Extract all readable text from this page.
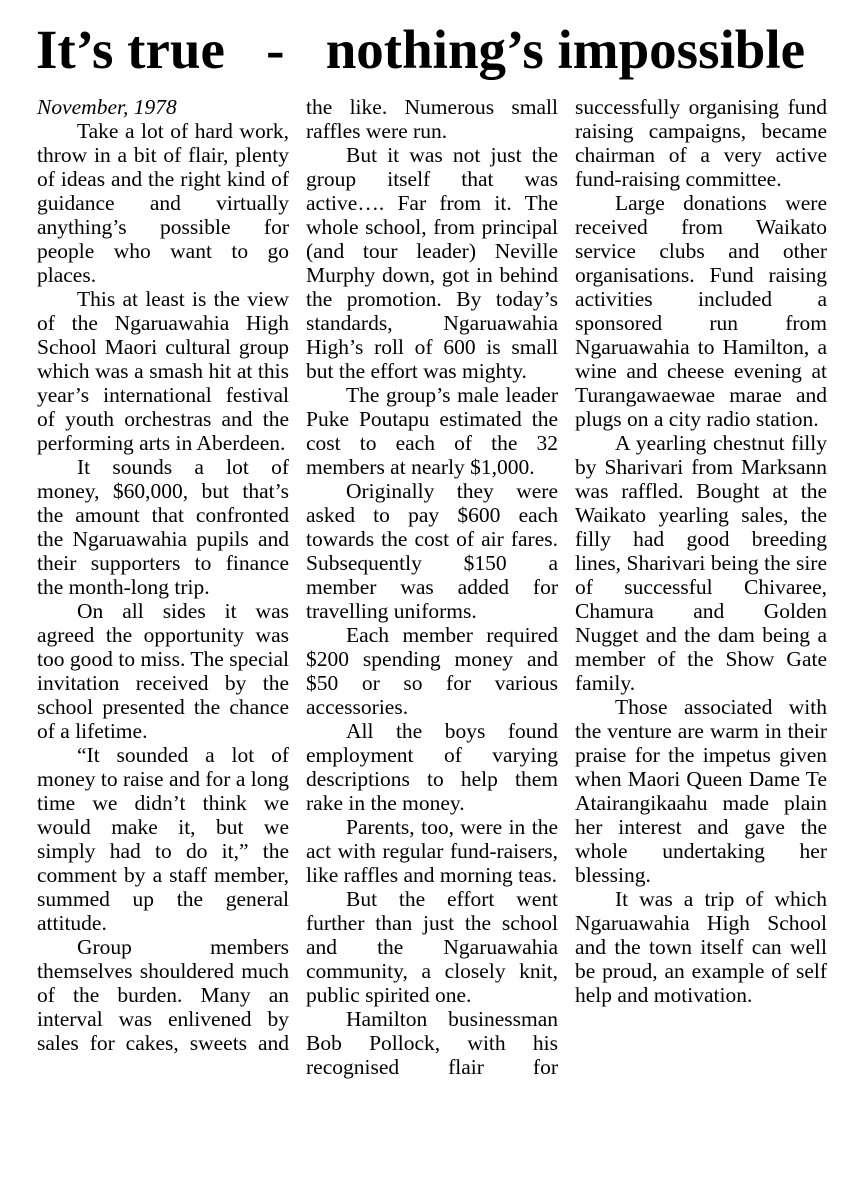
It’s true   -   nothing’s impossible

November, 1978

Take a lot of hard work, throw in a bit of flair, plenty of ideas and the right kind of guidance and virtually anything’s possible for people who want to go places.

This at least is the view of the Ngaruawahia High School Maori cultural group which was a smash hit at this year’s international festival of youth orchestras and the performing arts in Aberdeen.

It sounds a lot of money, $60,000, but that’s the amount that confronted the Ngaruawahia pupils and their supporters to finance the month-long trip.

On all sides it was agreed the opportunity was too good to miss. The special invitation received by the school presented the chance of a lifetime.

“It sounded a lot of money to raise and for a long time we didn’t think we would make it, but we simply had to do it,” the comment by a staff member, summed up the general attitude.

Group members themselves shouldered much of the burden. Many an interval was enlivened by sales for cakes, sweets and

the like. Numerous small raffles were run.

But it was not just the group itself that was active…. Far from it. The whole school, from principal (and tour leader) Neville Murphy down, got in behind the promotion. By today’s standards, Ngaruawahia High’s roll of 600 is small but the effort was mighty.

The group’s male leader Puke Poutapu estimated the cost to each of the 32 members at nearly $1,000.

Originally they were asked to pay $600 each towards the cost of air fares. Subsequently $150 a member was added for travelling uniforms.

Each member required $200 spending money and $50 or so for various accessories.

All the boys found employment of varying descriptions to help them rake in the money.

Parents, too, were in the act with regular fund-raisers, like raffles and morning teas.

But the effort went further than just the school and the Ngaruawahia community, a closely knit, public spirited one.

Hamilton businessman Bob Pollock, with his recognised flair for

successfully organising fund raising campaigns, became chairman of a very active fund-raising committee.

Large donations were received from Waikato service clubs and other organisations. Fund raising activities included a sponsored run from Ngaruawahia to Hamilton, a wine and cheese evening at Turangawaewae marae and plugs on a city radio station.

A yearling chestnut filly by Sharivari from Marksann was raffled. Bought at the Waikato yearling sales, the filly had good breeding lines, Sharivari being the sire of successful Chivaree, Chamura and Golden Nugget and the dam being a member of the Show Gate family.

Those associated with the venture are warm in their praise for the impetus given when Maori Queen Dame Te Atairangikaahu made plain her interest and gave the whole undertaking her blessing.

It was a trip of which Ngaruawahia High School and the town itself can well be proud, an example of self help and motivation.
